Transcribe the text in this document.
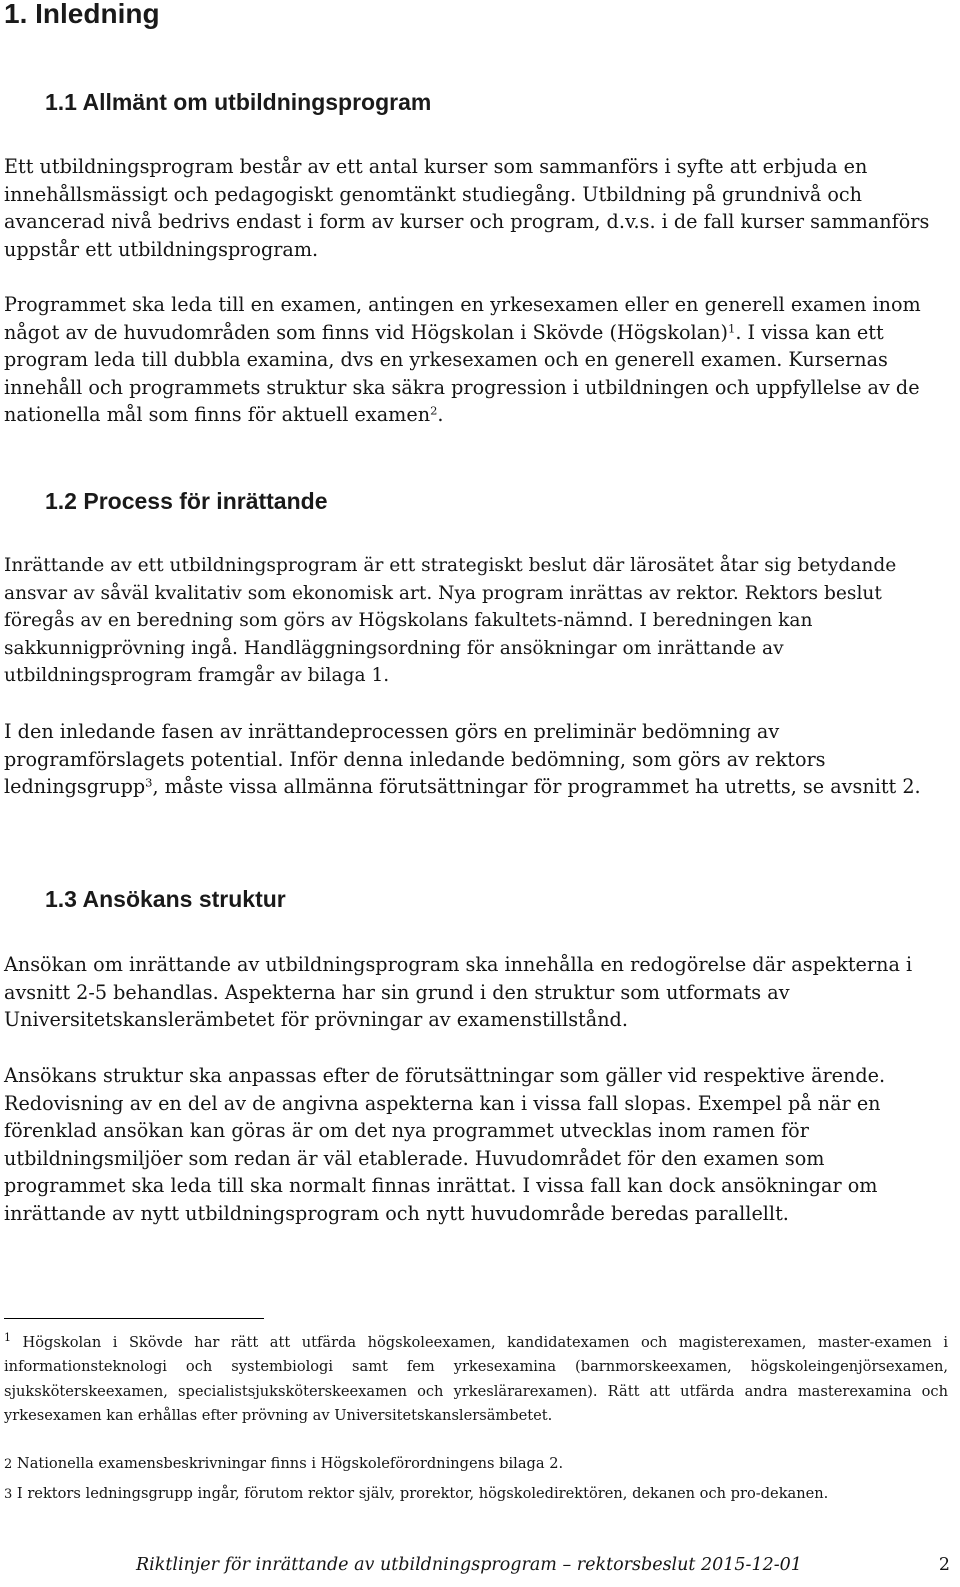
1. Inledning
1.1 Allmänt om utbildningsprogram

Ett utbildningsprogram består av ett antal kurser som sammanförs i syfte att erbjuda en innehållsmässigt och pedagogiskt genomtänkt studiegång. Utbildning på grundnivå och avancerad nivå bedrivs endast i form av kurser och program, d.v.s. i de fall kurser sammanförs uppstår ett utbildningsprogram.

Programmet ska leda till en examen, antingen en yrkesexamen eller en generell examen inom något av de huvudområden som finns vid Högskolan i Skövde (Högskolan)$^1$. I vissa kan ett program leda till dubbla examina, dvs en yrkesexamen och en generell examen. Kursernas innehåll och programmets struktur ska säkra progression i utbildningen och uppfyllelse av de nationella mål som finns för aktuell examen$^2$.

1.2 Process för inrättande

Inrättande av ett utbildningsprogram är ett strategiskt beslut där lärosätet åtar sig betydande ansvar av såväl kvalitativ som ekonomisk art. Nya program inrättas av rektor. Rektors beslut föregås av en beredning som görs av Högskolans fakultets-nämnd. I beredningen kan sakkunnigprövning ingå. Handläggningsordning för ansökningar om inrättande av utbildningsprogram framgår av bilaga 1.

I den inledande fasen av inrättandeprocessen görs en preliminär bedömning av programförslagets potential. Inför denna inledande bedömning, som görs av rektors ledningsgrupp$^3$, måste vissa allmänna förutsättningar för programmet ha utretts, se avsnitt 2.

1.3 Ansökans struktur

Ansökan om inrättande av utbildningsprogram ska innehålla en redogörelse där aspekterna i avsnitt 2-5 behandlas. Aspekterna har sin grund i den struktur som utformats av Universitetskanslerämbetet för prövningar av examenstillstånd.

Ansökans struktur ska anpassas efter de förutsättningar som gäller vid respektive ärende. Redovisning av en del av de angivna aspekterna kan i vissa fall slopas. Exempel på när en förenklad ansökan kan göras är om det nya programmet utvecklas inom ramen för utbildningsmiljöer som redan är väl etablerade. Huvudområdet för den examen som programmet ska leda till ska normalt finnas inrättat. I vissa fall kan dock ansökningar om inrättande av nytt utbildningsprogram och nytt huvudområde beredas parallellt.

$^1$ Högskolan i Skövde har rätt att utfärda högskoleexamen, kandidatexamen och magisterexamen, master-examen i informationsteknologi och systembiologi samt fem yrkesexamina (barnmorskeexamen, högskoleingenjörsexamen, sjuksköterskeexamen, specialistsjuksköterskeexamen och yrkeslärarexamen). Rätt att utfärda andra masterexamina och yrkesexamen kan erhållas efter prövning av Universitetskanslersämbetet.

2 Nationella examensbeskrivningar finns i Högskoleförordningens bilaga 2.

3 I rektors ledningsgrupp ingår, förutom rektor själv, prorektor, högskoledirektören, dekanen och pro-dekanen.

Riktlinjer för inrättande av utbildningsprogram – rektorsbeslut 2015-12-01	2
